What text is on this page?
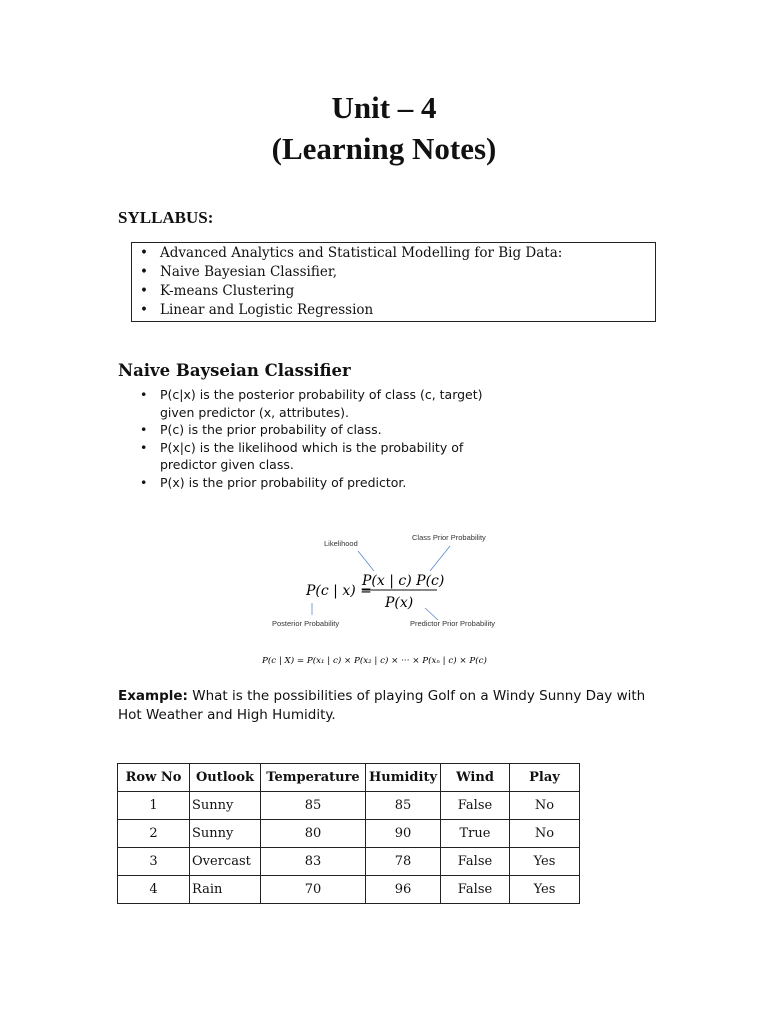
Unit – 4
(Learning Notes)
SYLLABUS:
• Advanced Analytics and Statistical Modelling for Big Data:
• Naive Bayesian Classifier,
• K-means Clustering
• Linear and Logistic Regression
Naive Bayseian Classifier
• P(c|x) is the posterior probability of class (c, target) given predictor (x, attributes).
• P(c) is the prior probability of class.
• P(x|c) is the likelihood which is the probability of predictor given class.
• P(x) is the prior probability of predictor.
Likelihood
Class Prior Probability
P(c | x) =
P(x | c) P(c)
P(x)
Posterior Probability	Predictor Prior Probability
P(c | X) = P(x₁ | c) × P(x₂ | c) × ··· × P(xₙ | c) × P(c)
Example: What is the possibilities of playing Golf on a Windy Sunny Day with Hot Weather and High Humidity.
Row No	Outlook	Temperature	Humidity	Wind	Play
1	Sunny	85	85	False	No
2	Sunny	80	90	True	No
3	Overcast	83	78	False	Yes
4	Rain	70	96	False	Yes
